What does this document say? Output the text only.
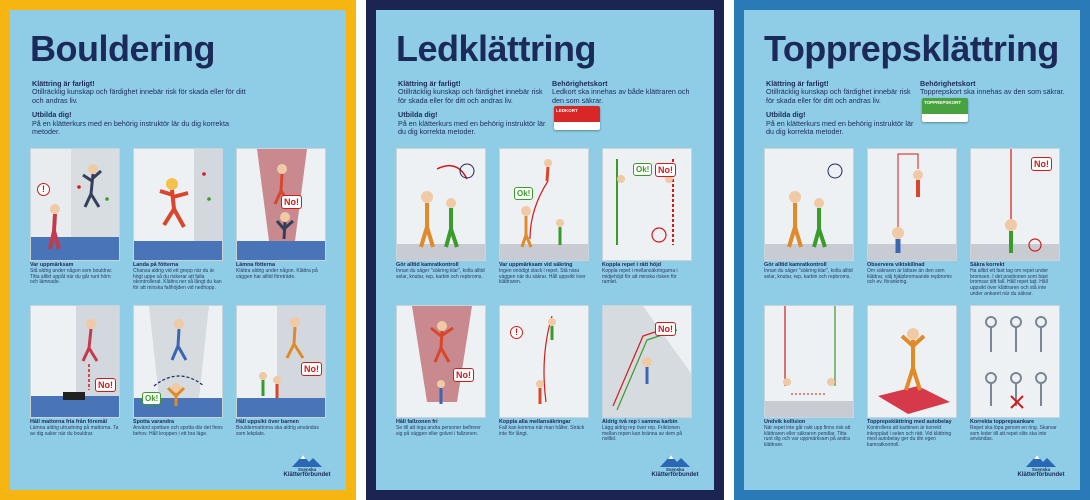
Bouldering
Klättring är farligt!
Otillräcklig kunskap och färdighet innebär risk för skada eller för ditt och andras liv.
Utbilda dig!
På en klätterkurs med en behörig instruktör lär du dig korrekta metoder.
!
Var uppmärksam
Stå aldrig under någon som bouldrar. Titta alltid uppåt när du går runt hörn och lämnade.
Landa på fötterna
Chansa aldrig vid ett grepp när du är högt uppe så du riskerar att falla okontrollerat. Klättra ner så långt du kan för att minska fallhöjden vid nedhopp.
No!
Lämna fötterna
Klättra aldrig under någon. Klättra på väggen har alltid företräde.
No!
Håll mattorna fria från föremål
Lämna aldrig utrustning på mattorna. Ta av dig saker när du bouldrar.
Ok!
Spotta varandra
Använd spottare och spotta där det finns behov. Håll kroppen i ett bra läge.
No!
Håll uppsikt över barnen
Bouldermattorna ska aldrig användas som lekplats.
Svenska
Klätterförbundet
Ledklättring
Klättring är farligt!
Otillräcklig kunskap och färdighet innebär risk för skada eller för ditt och andras liv.
Utbilda dig!
På en klätterkurs med en behörig instruktör lär du dig korrekta metoder.
Behörighetskort
Ledkort ska innehas av både klättraren och den som säkrar.
LEDKORT
Gör alltid kamratkontroll
Innan du säger "säkring klar", kolla alltid selar, knutar, rep, karbin och repbroms.
Ok!
Var uppmärksam vid säkring
Ingen onödigt slack i repet. Stå nära väggen när du säkrar. Håll uppsikt över klättraren.
Ok! No!
Koppla repet i rätt höjd
Koppla repet i mellansäkringarna i midjehöjd för att minska risken för ramlet.
No!
Håll fallzonen fri
Se till att inga andra personer befinner sig på väggen eller golvet i fallzonen.
!
Koppla alla mellansäkringar
Fall kan komma när man håller. Sträck inte för långt.
No!
Aldrig två rep i samma karbin
Lägg aldrig rep över rep. Friktionen mellan repen kan bränna av dem på nolltid.
Svenska
Klätterförbundet
Topprepsklättring
Klättring är farligt!
Otillräcklig kunskap och färdighet innebär risk för skada eller för ditt och andras liv.
Utbilda dig!
På en klätterkurs med en behörig instruktör lär du dig korrekta metoder.
Behörighetskort
Topprepskort ska innehas av den som säkrar.
TOPPREPSKORT
Gör alltid kamratkontroll
Innan du säger "säkring klar", kolla alltid selar, knutar, rep, karbin och repbroms.
Observera viktskillnad
Om säkraren är lättare än den som klättrar, välj hjälpbromsande repbroms och ev. förankring.
No!
Säkra korrekt
Ha alltid ett fast tag om repet under bromsen. I det positionen som bäst bromsar ditt fall. Håll repet tajt. Håll uppsikt över klättraren och stå inte under ankaret när du säkrar.
Undvik kollision
När repet inte går rakt upp finns risk att klättraren eller säkraren pendlar. Titta runt dig och var uppmärksam på andra klättrare.
Topprepsklättring med autobelay
Kontrollera att karbinen är korrekt inkopplad i selen och rätt. Vid klättring med autobelay ger du din egen kamratkontroll.
Korrekta topprepsankare
Repet ska löpa genom en ring. Skarvar som leder till att repet slits ska inte användas.
Svenska
Klätterförbundet
